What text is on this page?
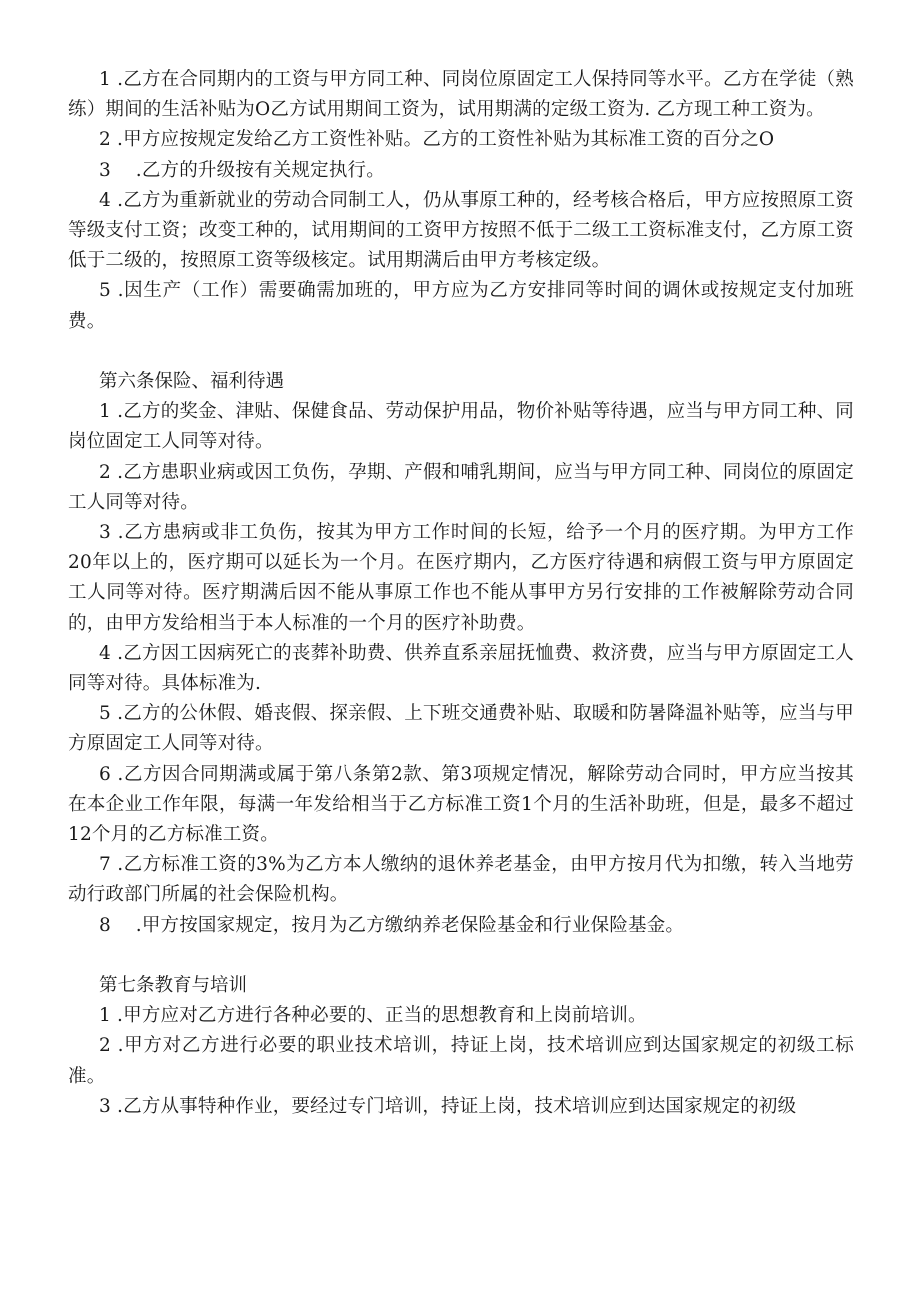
1 .乙方在合同期内的工资与甲方同工种、同岗位原固定工人保持同等水平。乙方在学徒（熟练）期间的生活补贴为O乙方试用期间工资为，试用期满的定级工资为. 乙方现工种工资为。

2 .甲方应按规定发给乙方工资性补贴。乙方的工资性补贴为其标准工资的百分之O

3　 .乙方的升级按有关规定执行。

4 .乙方为重新就业的劳动合同制工人，仍从事原工种的，经考核合格后，甲方应按照原工资等级支付工资；改变工种的，试用期间的工资甲方按照不低于二级工工资标准支付，乙方原工资低于二级的，按照原工资等级核定。试用期满后由甲方考核定级。

5 .因生产（工作）需要确需加班的，甲方应为乙方安排同等时间的调休或按规定支付加班费。

第六条保险、福利待遇

1 .乙方的奖金、津贴、保健食品、劳动保护用品，物价补贴等待遇，应当与甲方同工种、同岗位固定工人同等对待。

2 .乙方患职业病或因工负伤，孕期、产假和哺乳期间，应当与甲方同工种、同岗位的原固定工人同等对待。

3 .乙方患病或非工负伤，按其为甲方工作时间的长短，给予一个月的医疗期。为甲方工作20年以上的，医疗期可以延长为一个月。在医疗期内，乙方医疗待遇和病假工资与甲方原固定工人同等对待。医疗期满后因不能从事原工作也不能从事甲方另行安排的工作被解除劳动合同的，由甲方发给相当于本人标准的一个月的医疗补助费。

4 .乙方因工因病死亡的丧葬补助费、供养直系亲屈抚恤费、救济费，应当与甲方原固定工人同等对待。具体标准为.

5 .乙方的公休假、婚丧假、探亲假、上下班交通费补贴、取暖和防暑降温补贴等，应当与甲方原固定工人同等对待。

6 .乙方因合同期满或属于第八条第2款、第3项规定情况，解除劳动合同时，甲方应当按其在本企业工作年限，每满一年发给相当于乙方标准工资1个月的生活补助班，但是，最多不超过12个月的乙方标准工资。

7 .乙方标准工资的3%为乙方本人缴纳的退休养老基金，由甲方按月代为扣缴，转入当地劳动行政部门所属的社会保险机构。

8　 .甲方按国家规定，按月为乙方缴纳养老保险基金和行业保险基金。

第七条教育与培训

1 .甲方应对乙方进行各种必要的、正当的思想教育和上岗前培训。

2 .甲方对乙方进行必要的职业技术培训，持证上岗，技术培训应到达国家规定的初级工标准。

3 .乙方从事特种作业，要经过专门培训，持证上岗，技术培训应到达国家规定的初级
